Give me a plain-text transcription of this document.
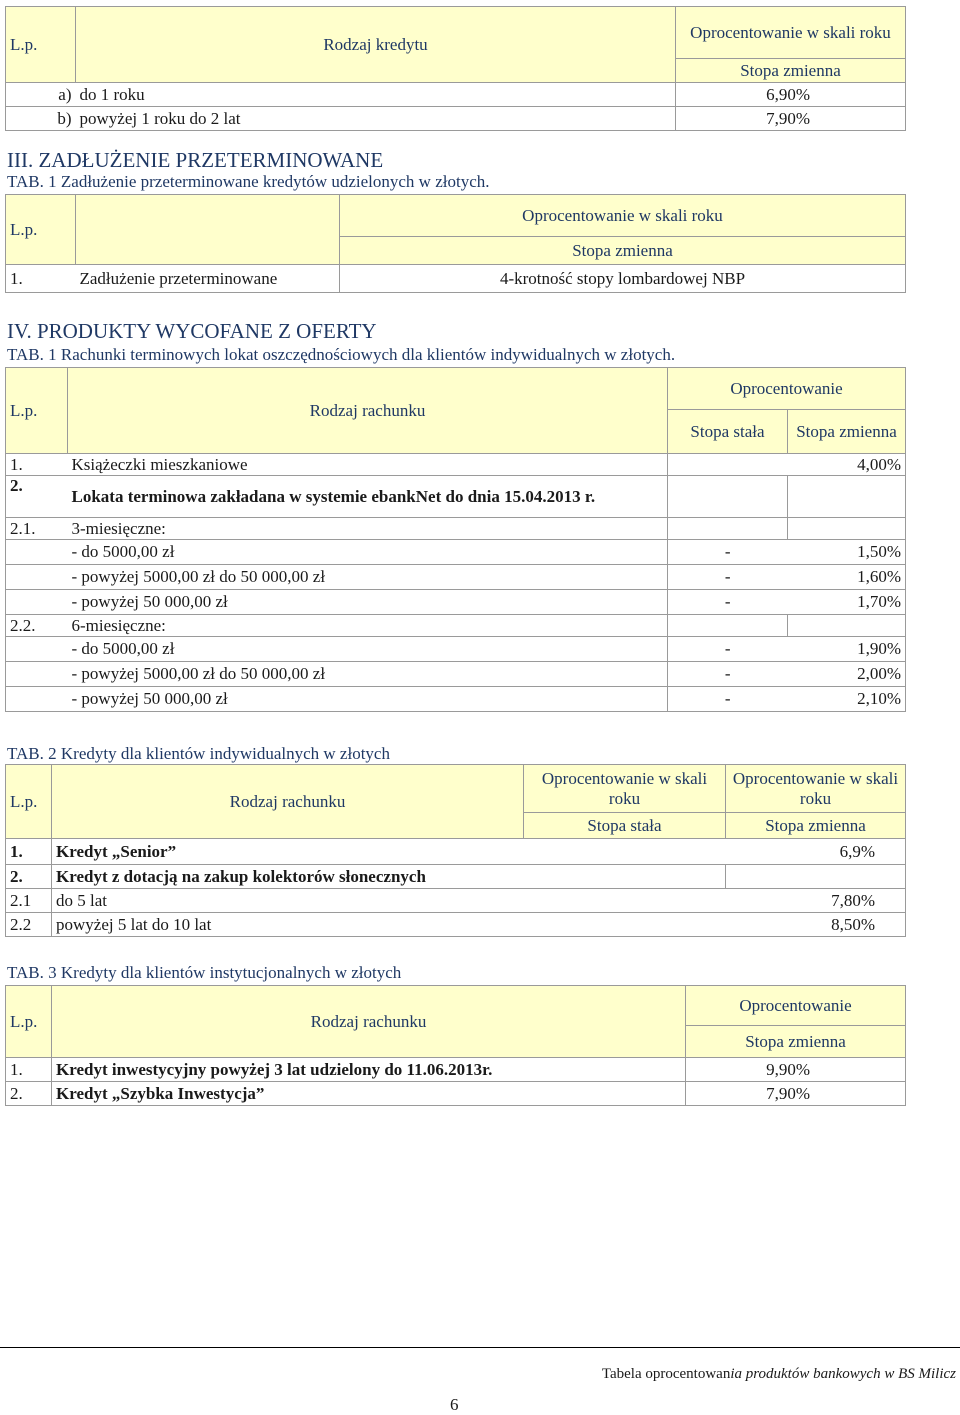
L.p.	Rodzaj kredytu	Oprocentowanie w skali roku
		Stopa zmienna
a)	do 1 roku	6,90%
b)	powyżej 1 roku do 2 lat	7,90%
III. ZADŁUŻENIE PRZETERMINOWANE
TAB. 1 Zadłużenie przeterminowane kredytów udzielonych w złotych.
L.p.		Oprocentowanie w skali roku
		Stopa zmienna
1.	Zadłużenie przeterminowane	4-krotność stopy lombardowej NBP
IV. PRODUKTY WYCOFANE Z OFERTY
TAB. 1 Rachunki terminowych lokat oszczędnościowych dla klientów indywidualnych w złotych.
L.p.	Rodzaj rachunku	Oprocentowanie	
		Stopa stała	Stopa zmienna
1.	Książeczki mieszkaniowe		4,00%
2.	Lokata terminowa zakładana w systemie ebankNet do dnia 15.04.2013 r.		
2.1.	3-miesięczne:		
	- do 5000,00 zł	-	1,50%
	- powyżej 5000,00 zł do 50 000,00 zł	-	1,60%
	- powyżej 50 000,00 zł	-	1,70%
2.2.	6-miesięczne:		
	- do 5000,00 zł	-	1,90%
	- powyżej 5000,00 zł do 50 000,00 zł	-	2,00%
	- powyżej 50 000,00 zł	-	2,10%
TAB. 2 Kredyty dla klientów indywidualnych w złotych
L.p.	Rodzaj rachunku	Oprocentowanie w skali roku	Oprocentowanie w skali roku
		Stopa stała	Stopa zmienna
1.	Kredyt „Senior”		6,9%
2.	Kredyt z dotacją na zakup kolektorów słonecznych		
2.1	do 5 lat		7,80%
2.2	powyżej 5 lat do 10 lat		8,50%
TAB. 3 Kredyty dla klientów instytucjonalnych w złotych
L.p.	Rodzaj rachunku	Oprocentowanie
		Stopa zmienna
1.	Kredyt inwestycyjny powyżej 3 lat udzielony do 11.06.2013r.	9,90%
2.	Kredyt „Szybka Inwestycja”	7,90%
Tabela oprocentowania produktów bankowych w BS Milicz
6
